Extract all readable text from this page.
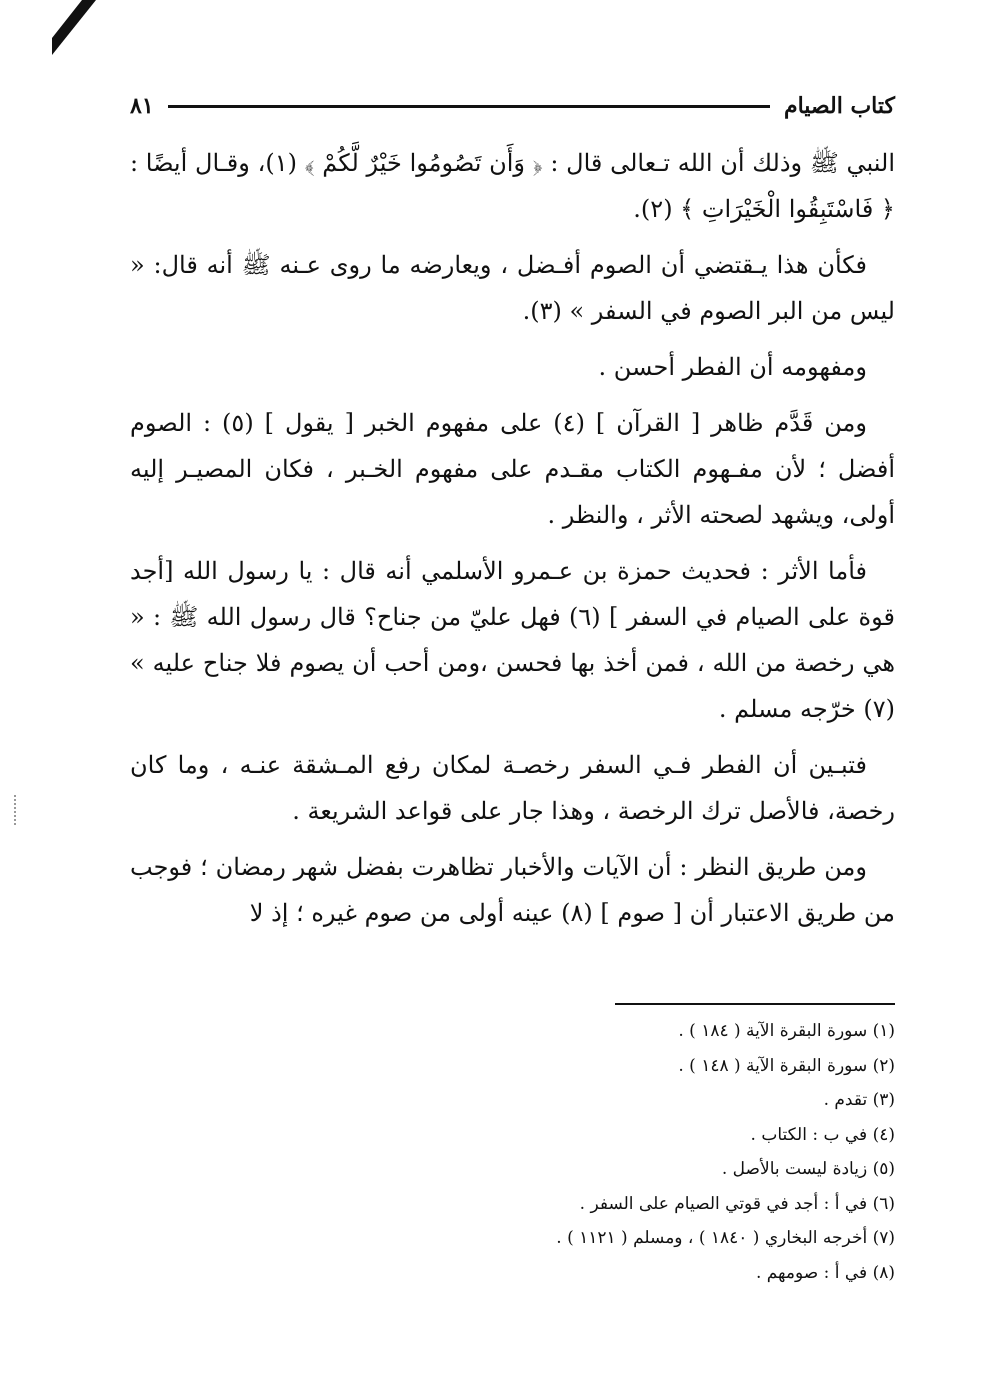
كتاب الصيام
٨١

النبي ﷺ وذلك أن الله تـعالى قال : ﴿ وَأَن تَصُومُوا خَيْرٌ لَّكُمْ ﴾ (١)، وقـال أيضًا : ﴿ فَاسْتَبِقُوا الْخَيْرَاتِ ﴾ (٢).

فكأن هذا يـقتضي أن الصوم أفـضل ، ويعارضه ما روى عـنه ﷺ أنه قال: « ليس من البر الصوم في السفر » (٣).

ومفهومه أن الفطر أحسن .

ومن قَدَّم ظاهر [ القرآن ] (٤) على مفهوم الخبر [ يقول ] (٥) : الصوم أفضل ؛ لأن مفـهوم الكتاب مقـدم على مفهوم الخـبر ، فكان المصيـر إليه أولى، ويشهد لصحته الأثر ، والنظر .

فأما الأثر : فحديث حمزة بن عـمرو الأسلمي أنه قال : يا رسول الله [أجد قوة على الصيام في السفر ] (٦) فهل عليّ من جناح؟ قال رسول الله ﷺ : « هي رخصة من الله ، فمن أخذ بها فحسن ،ومن أحب أن يصوم فلا جناح عليه » (٧) خرّجه مسلم .

فتبـين أن الفطر فـي السفر رخصـة لمكان رفع المـشقة عنـه ، وما كان رخصة، فالأصل ترك الرخصة ، وهذا جار على قواعد الشريعة .

ومن طريق النظر : أن الآيات والأخبار تظاهرت بفضل شهر رمضان ؛ فوجب من طريق الاعتبار أن [ صوم ] (٨) عينه أولى من صوم غيره ؛ إذ لا

(١) سورة البقرة الآية ( ١٨٤ ) .
(٢) سورة البقرة الآية ( ١٤٨ ) .
(٣) تقدم .
(٤) في ب : الكتاب .
(٥) زيادة ليست بالأصل .
(٦) في أ : أجد في قوتي الصيام على السفر .
(٧) أخرجه البخاري ( ١٨٤٠ ) ، ومسلم ( ١١٢١ ) .
(٨) في أ : صومهم .
